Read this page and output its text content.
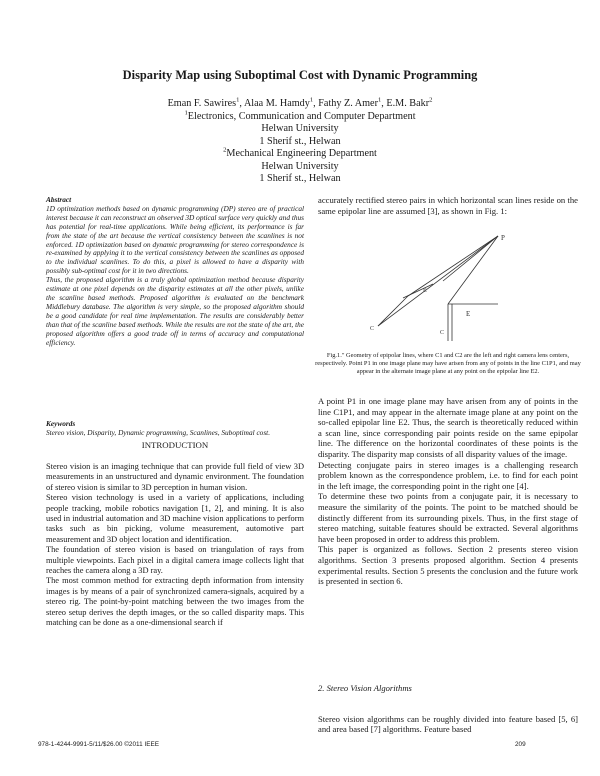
Disparity Map using Suboptimal Cost with Dynamic Programming
Eman F. Sawires$^1$, Alaa M. Hamdy$^1$, Fathy Z. Amer$^1$, E.M. Bakr$^2$
$^1$Electronics, Communication and Computer Department
Helwan University
1 Sherif st., Helwan
$^2$Mechanical Engineering Department
Helwan University
1 Sherif st., Helwan

Abstract

1D optimization methods based on dynamic programming (DP) stereo are of practical interest because it can reconstruct an observed 3D optical surface very quickly and thus has potential for real-time applications. While being efficient, its performance is far from the state of the art because the vertical consistency between the scanlines is not enforced. 1D optimization based on dynamic programming for stereo correspondence is re-examined by applying it to the vertical consistency between the scanlines as opposed to the individual scanlines. To do this, a pixel is allowed to have a disparity with possibly sub-optimal cost for it in two directions.

Thus, the proposed algorithm is a truly global optimization method because disparity estimate at one pixel depends on the disparity estimates at all the other pixels, unlike the scanline based methods. Proposed algorithm is evaluated on the benchmark Middlebury database. The algorithm is very simple, so the proposed algorithm should be a good candidate for real time implementation. The results are considerably better than that of the scanline based methods. While the results are not the state of the art, the proposed algorithm offers a good trade off in terms of accuracy and computational efficiency.

Keywords

Stereo vision, Disparity, Dynamic programming, Scanlines, Suboptimal cost.

INTRODUCTION

Stereo vision is an imaging technique that can provide full field of view 3D measurements in an unstructured and dynamic environment. The foundation of stereo vision is similar to 3D perception in human vision.

Stereo vision technology is used in a variety of applications, including people tracking, mobile robotics navigation [1, 2], and mining. It is also used in industrial automation and 3D machine vision applications to perform tasks such as bin picking, volume measurement, automotive part measurement and 3D object location and identification.

The foundation of stereo vision is based on triangulation of rays from multiple viewpoints. Each pixel in a digital camera image collects light that reaches the camera along a 3D ray.

The most common method for extracting depth information from intensity images is by means of a pair of synchronized camera-signals, acquired by a stereo rig. The point-by-point matching between the two images from the stereo setup derives the depth images, or the so called disparity maps. This matching can be done as a one-dimensional search if

accurately rectified stereo pairs in which horizontal scan lines reside on the same epipolar line are assumed [3], as shown in Fig. 1:

P
E
C
C
E
Fig.1." Geometry of epipolar lines, where C1 and C2 are the left and right camera lens centers, respectively. Point P1 in one image plane may have arisen from any of points in the line C1P1, and may appear in the alternate image plane at any point on the epipolar line E2.

A point P1 in one image plane may have arisen from any of points in the line C1P1, and may appear in the alternate image plane at any point on the so-called epipolar line E2. Thus, the search is theoretically reduced within a scan line, since corresponding pair points reside on the same epipolar line. The difference on the horizontal coordinates of these points is the disparity. The disparity map consists of all disparity values of the image.

Detecting conjugate pairs in stereo images is a challenging research problem known as the correspondence problem, i.e. to find for each point in the left image, the corresponding point in the right one [4].

To determine these two points from a conjugate pair, it is necessary to measure the similarity of the points. The point to be matched should be distinctly different from its surrounding pixels. Thus, in the first stage of stereo matching, suitable features should be extracted. Several algorithms have been proposed in order to address this problem.

This paper is organized as follows. Section 2 presents stereo vision algorithms. Section 3 presents proposed algorithm. Section 4 presents experimental results. Section 5 presents the conclusion and the future work is presented in section 6.

2. Stereo Vision Algorithms

Stereo vision algorithms can be roughly divided into feature based [5, 6] and area based [7] algorithms. Feature based

978-1-4244-9991-5/11/$26.00 ©2011 IEEE	209
